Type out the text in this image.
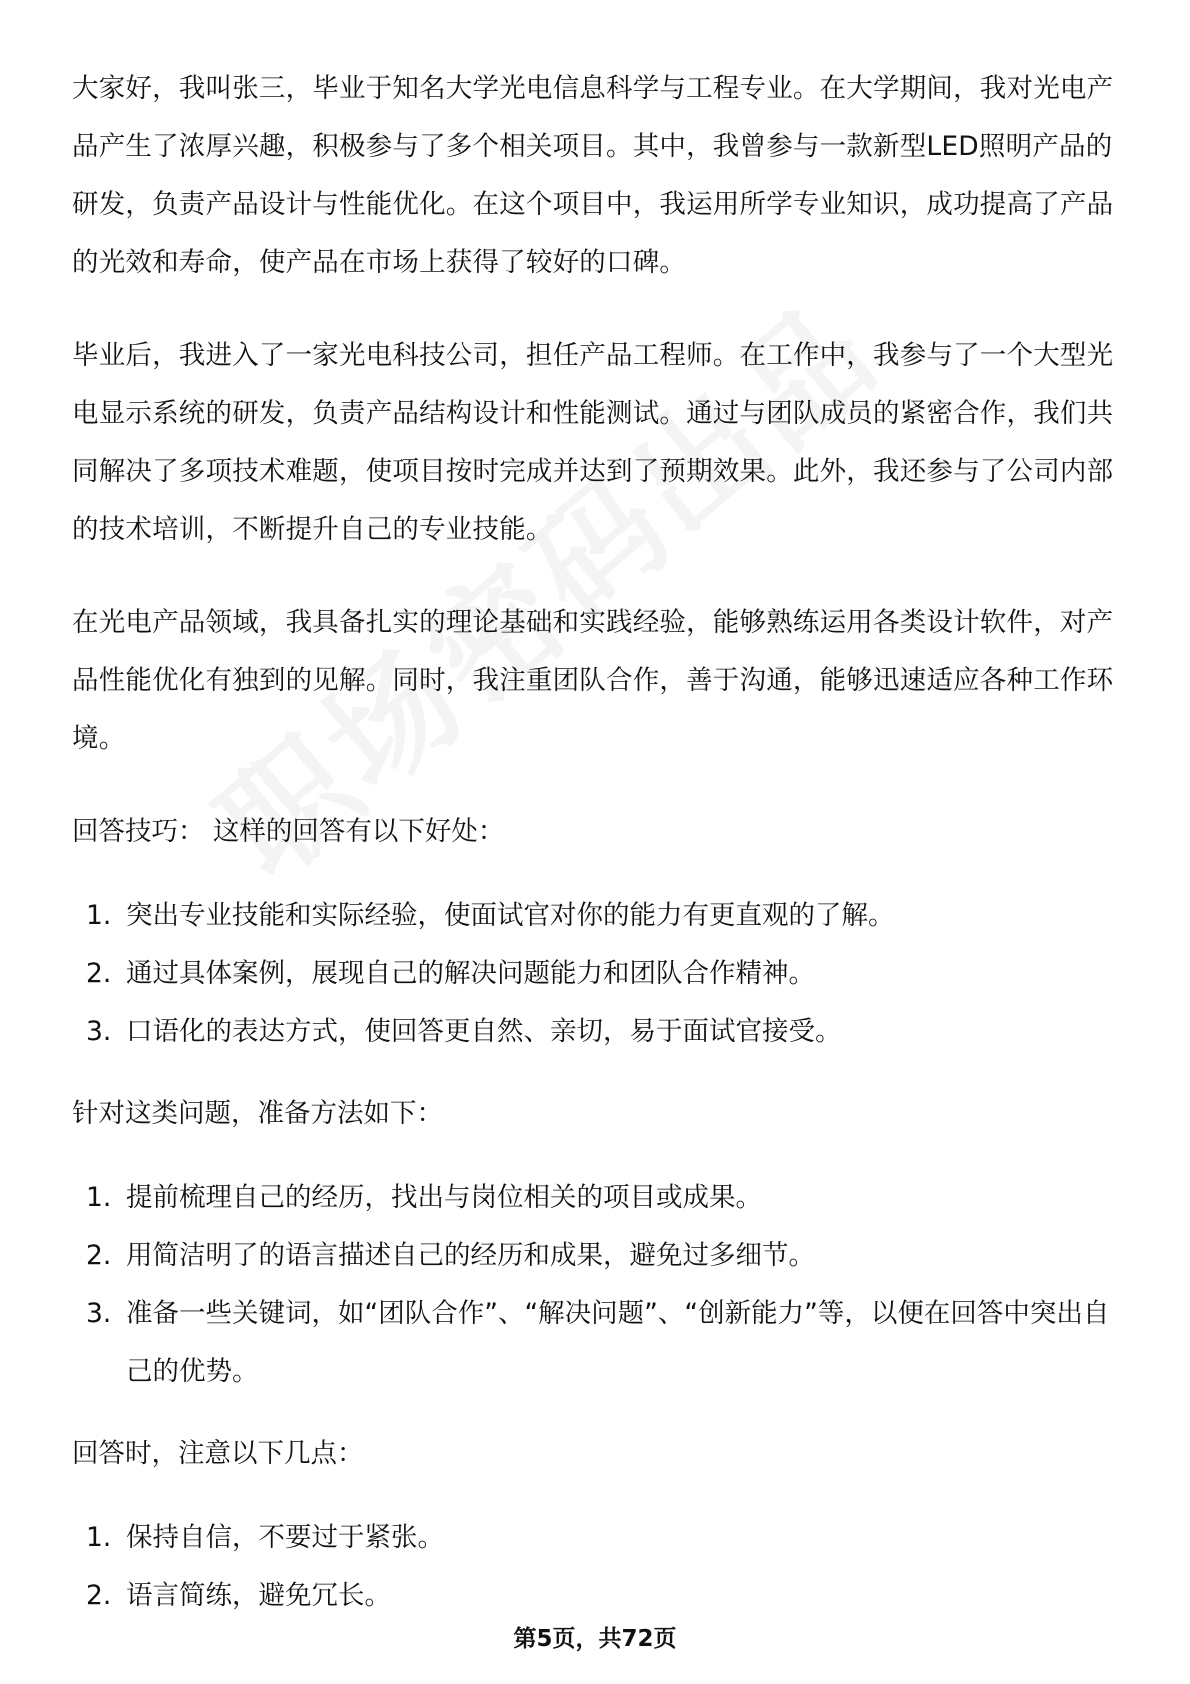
大家好，我叫张三，毕业于知名大学光电信息科学与工程专业。在大学期间，我对光电产品产生了浓厚兴趣，积极参与了多个相关项目。其中，我曾参与一款新型LED照明产品的研发，负责产品设计与性能优化。在这个项目中，我运用所学专业知识，成功提高了产品的光效和寿命，使产品在市场上获得了较好的口碑。

毕业后，我进入了一家光电科技公司，担任产品工程师。在工作中，我参与了一个大型光电显示系统的研发，负责产品结构设计和性能测试。通过与团队成员的紧密合作，我们共同解决了多项技术难题，使项目按时完成并达到了预期效果。此外，我还参与了公司内部的技术培训，不断提升自己的专业技能。

在光电产品领域，我具备扎实的理论基础和实践经验，能够熟练运用各类设计软件，对产品性能优化有独到的见解。同时，我注重团队合作，善于沟通，能够迅速适应各种工作环境。

回答技巧： 这样的回答有以下好处：

1. 突出专业技能和实际经验，使面试官对你的能力有更直观的了解。
2. 通过具体案例，展现自己的解决问题能力和团队合作精神。
3. 口语化的表达方式，使回答更自然、亲切，易于面试官接受。

针对这类问题，准备方法如下：

1. 提前梳理自己的经历，找出与岗位相关的项目或成果。
2. 用简洁明了的语言描述自己的经历和成果，避免过多细节。
3. 准备一些关键词，如“团队合作”、“解决问题”、“创新能力”等，以便在回答中突出自己的优势。

回答时，注意以下几点：

1. 保持自信，不要过于紧张。
2. 语言简练，避免冗长。
第5页，共72页
